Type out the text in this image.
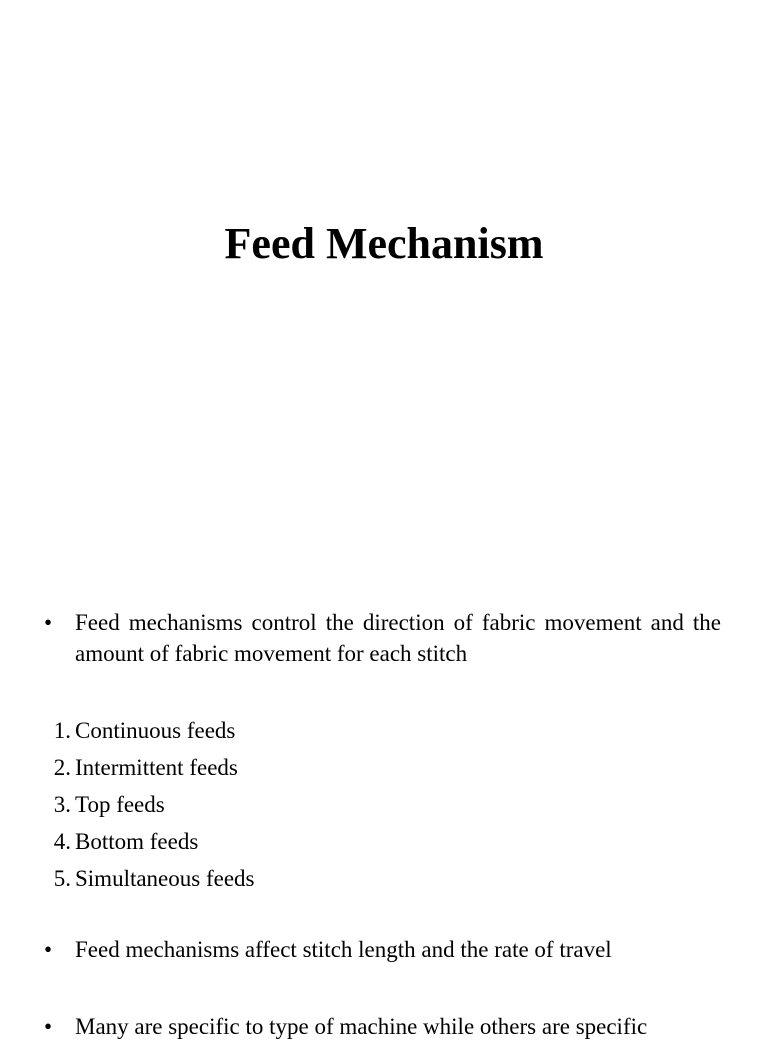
Feed Mechanism
• Feed mechanisms control the direction of fabric movement and the amount of fabric movement for each stitch
1. Continuous feeds
2. Intermittent feeds
3. Top feeds
4. Bottom feeds
5. Simultaneous feeds
• Feed mechanisms affect stitch length and the rate of travel
• Many are specific to type of machine while others are specific
